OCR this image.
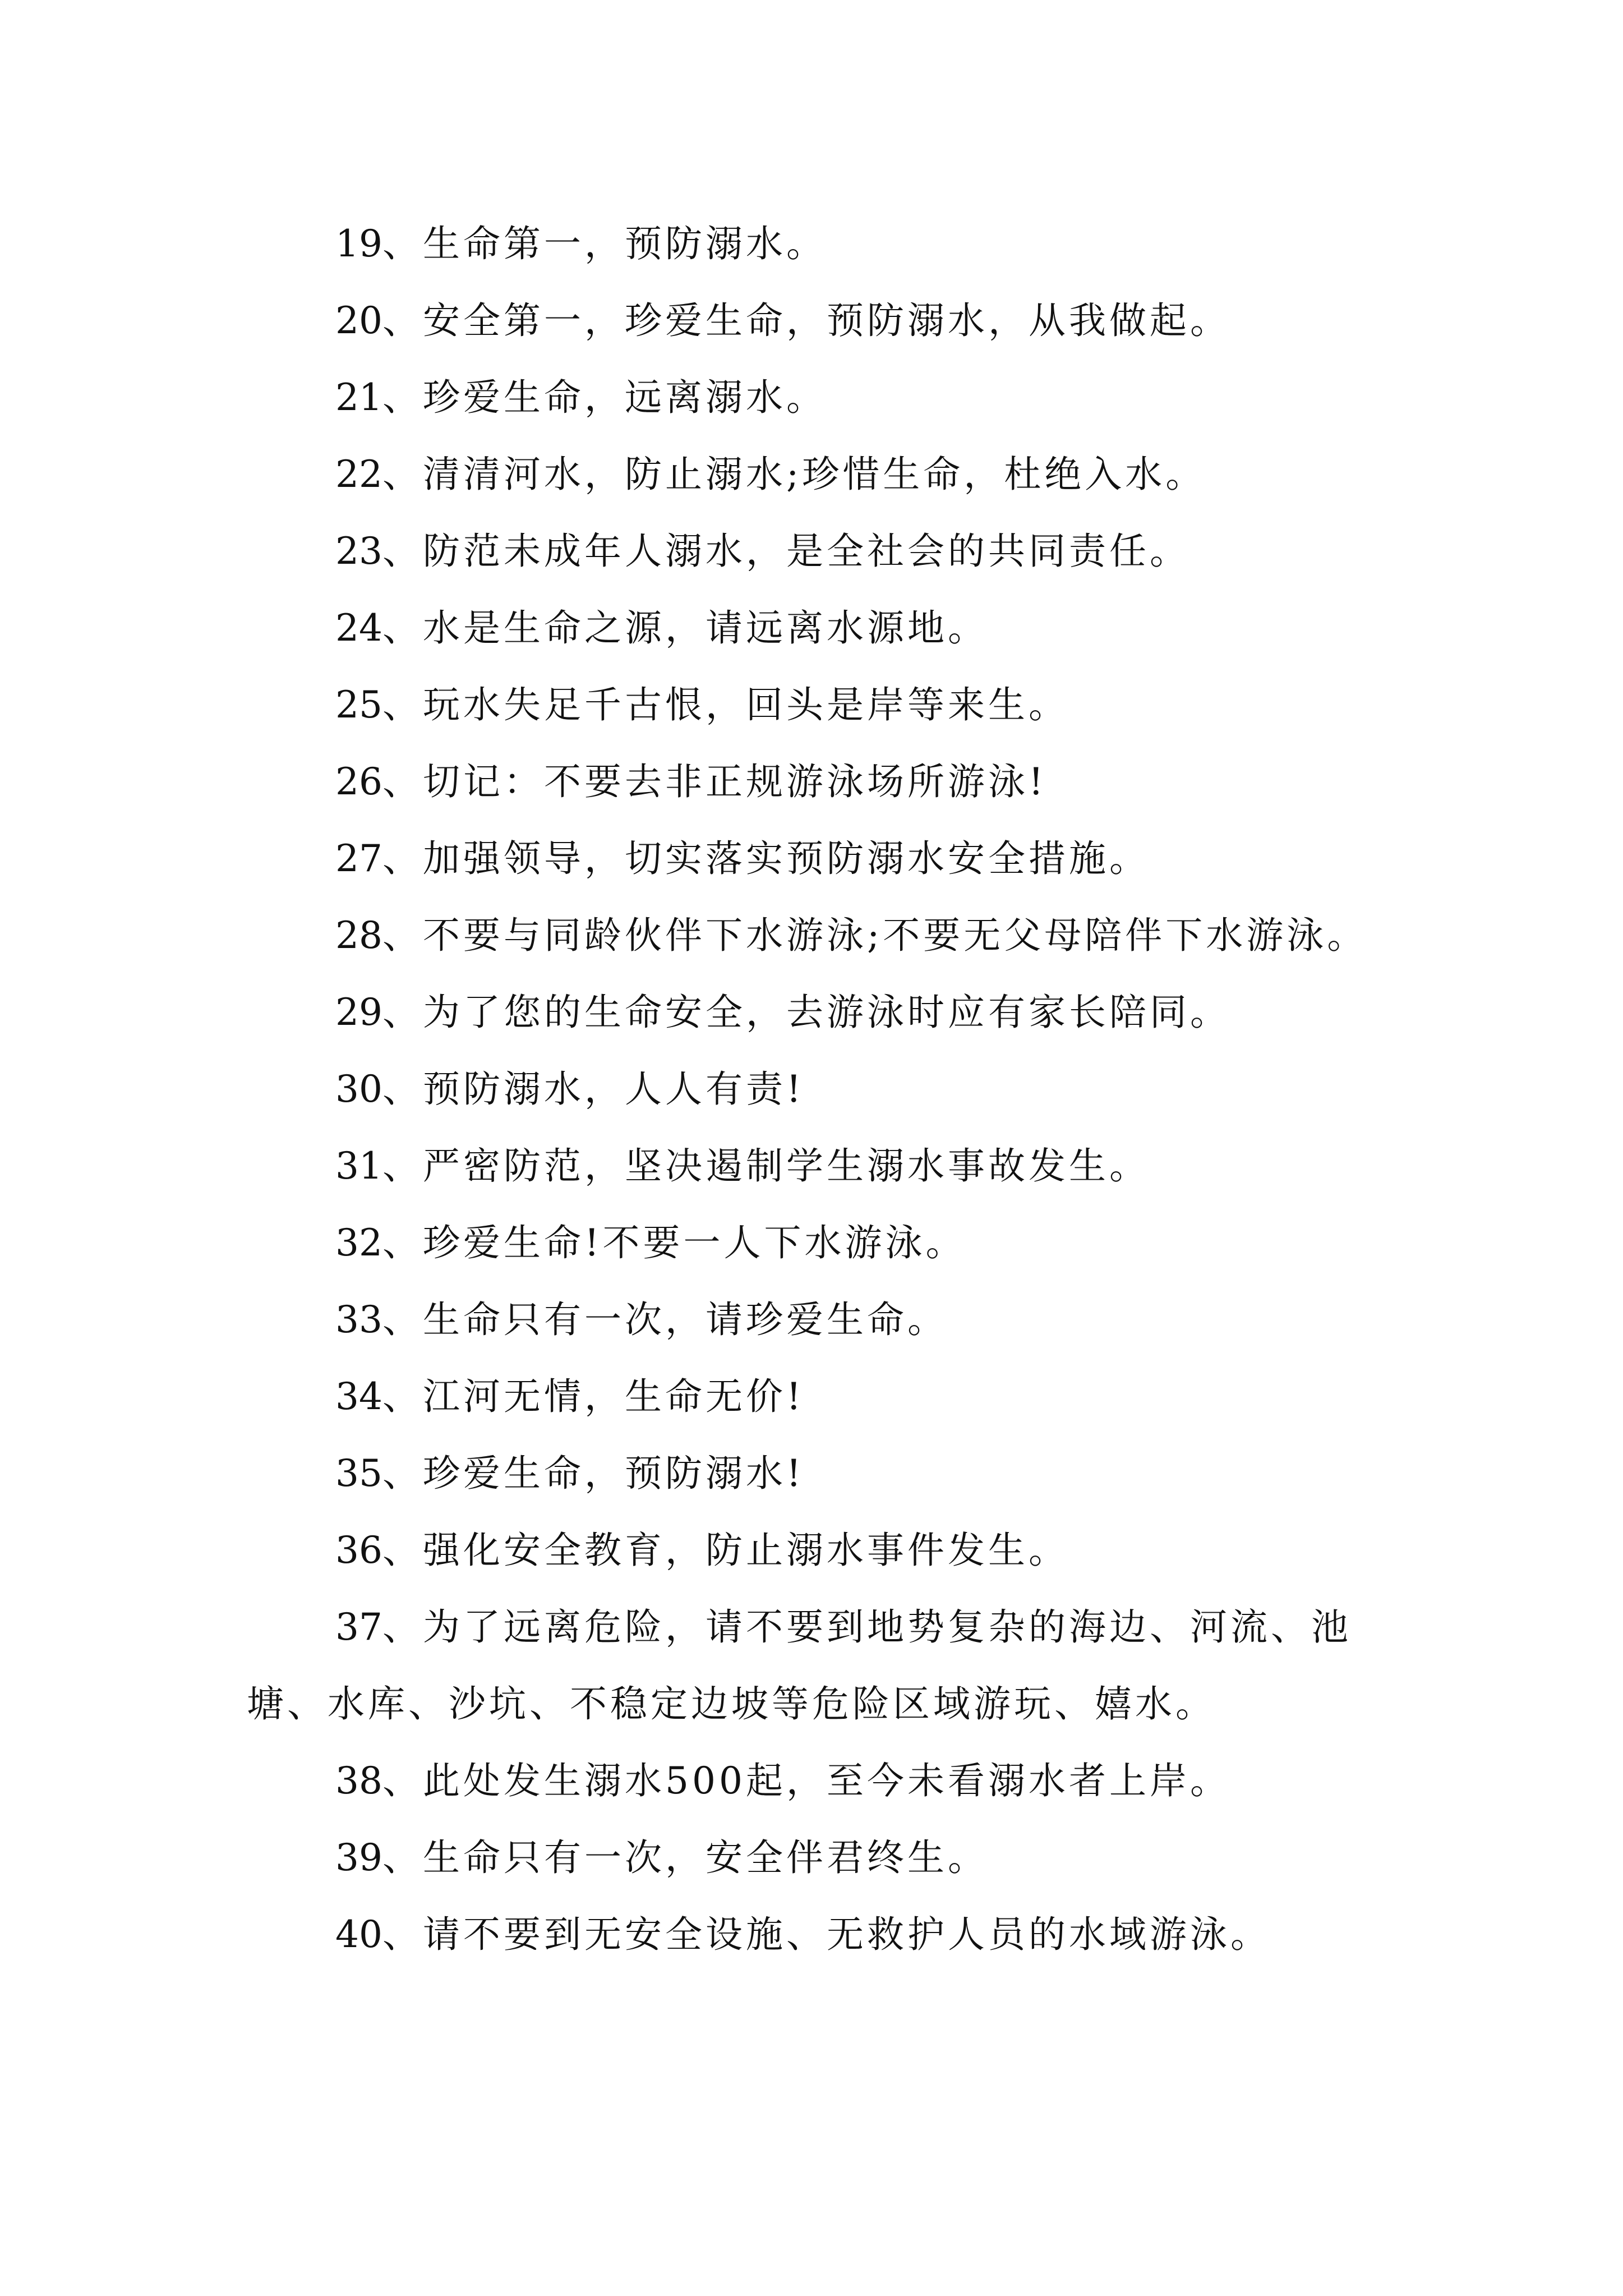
19、生命第一，预防溺水。

20、安全第一，珍爱生命，预防溺水，从我做起。

21、珍爱生命，远离溺水。

22、清清河水，防止溺水;珍惜生命，杜绝入水。

23、防范未成年人溺水，是全社会的共同责任。

24、水是生命之源，请远离水源地。

25、玩水失足千古恨，回头是岸等来生。

26、切记：不要去非正规游泳场所游泳!

27、加强领导，切实落实预防溺水安全措施。

28、不要与同龄伙伴下水游泳;不要无父母陪伴下水游泳。

29、为了您的生命安全，去游泳时应有家长陪同。

30、预防溺水，人人有责!

31、严密防范，坚决遏制学生溺水事故发生。

32、珍爱生命!不要一人下水游泳。

33、生命只有一次，请珍爱生命。

34、江河无情，生命无价!

35、珍爱生命，预防溺水!

36、强化安全教育，防止溺水事件发生。

37、为了远离危险，请不要到地势复杂的海边、河流、池塘、水库、沙坑、不稳定边坡等危险区域游玩、嬉水。

38、此处发生溺水500起，至今未看溺水者上岸。

39、生命只有一次，安全伴君终生。

40、请不要到无安全设施、无救护人员的水域游泳。
